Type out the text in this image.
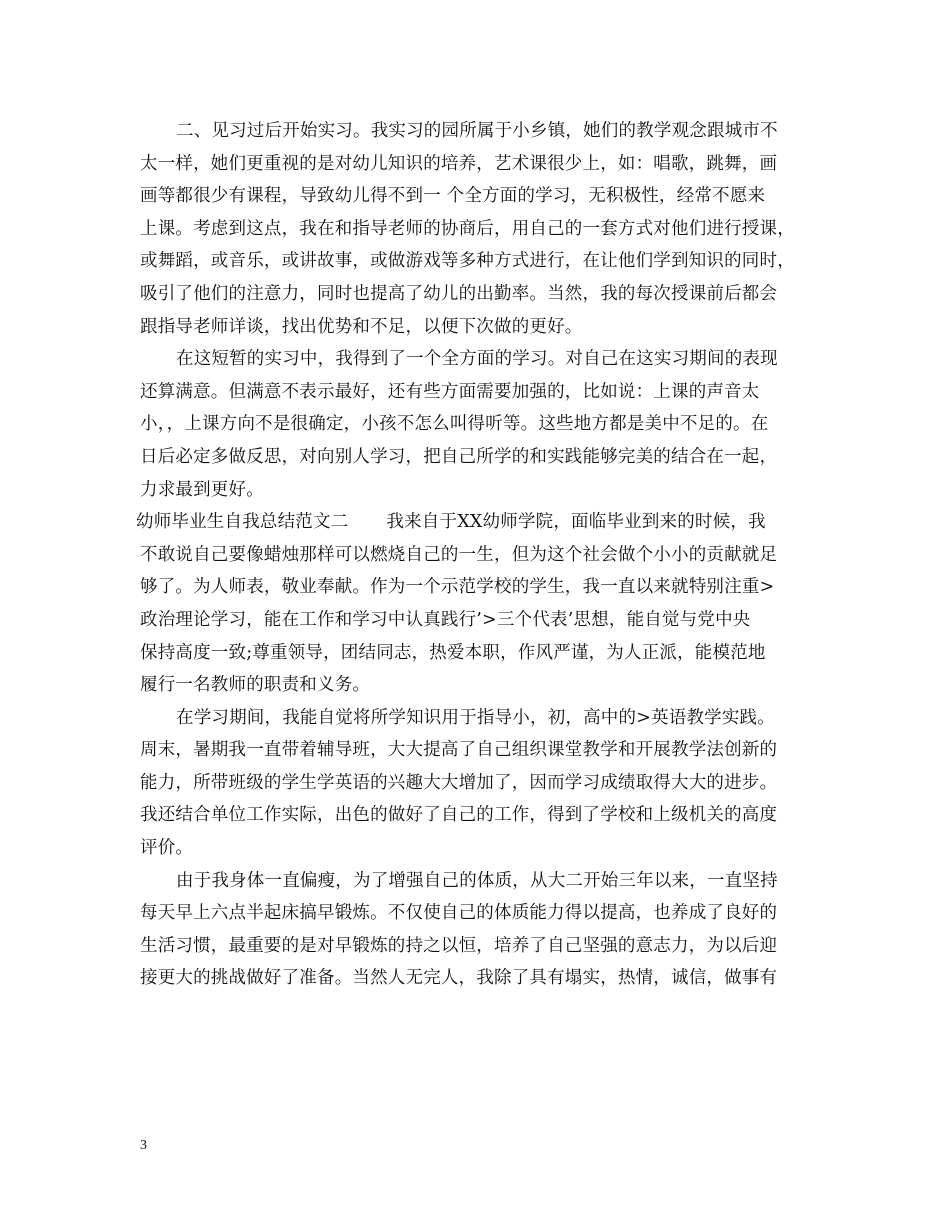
二、见习过后开始实习。我实习的园所属于小乡镇，她们的教学观念跟城市不
太一样，她们更重视的是对幼儿知识的培养，艺术课很少上，如：唱歌，跳舞，画
画等都很少有课程，导致幼儿得不到一 个全方面的学习，无积极性，经常不愿来
上课。考虑到这点，我在和指导老师的协商后，用自己的一套方式对他们进行授课，
或舞蹈，或音乐，或讲故事，或做游戏等多种方式进行，在让他们学到知识的同时，
吸引了他们的注意力，同时也提高了幼儿的出勤率。当然，我的每次授课前后都会
跟指导老师详谈，找出优势和不足，以便下次做的更好。
在这短暂的实习中，我得到了一个全方面的学习。对自己在这实习期间的表现
还算满意。但满意不表示最好，还有些方面需要加强的，比如说：上课的声音太
小，，上课方向不是很确定，小孩不怎么叫得听等。这些地方都是美中不足的。在
日后必定多做反思，对向别人学习，把自己所学的和实践能够完美的结合在一起，
力求最到更好。
幼师毕业生自我总结范文二 我来自于XX幼师学院，面临毕业到来的时候，我
不敢说自己要像蜡烛那样可以燃烧自己的一生，但为这个社会做个小小的贡献就足
够了。为人师表，敬业奉献。作为一个示范学校的学生，我一直以来就特别注重>
政治理论学习，能在工作和学习中认真践行’>三个代表’思想，能自觉与党中央
保持高度一致;尊重领导，团结同志，热爱本职，作风严谨，为人正派，能模范地
履行一名教师的职责和义务。
在学习期间，我能自觉将所学知识用于指导小，初，高中的>英语教学实践。
周末，暑期我一直带着辅导班，大大提高了自己组织课堂教学和开展教学法创新的
能力，所带班级的学生学英语的兴趣大大增加了，因而学习成绩取得大大的进步。
我还结合单位工作实际，出色的做好了自己的工作，得到了学校和上级机关的高度
评价。
由于我身体一直偏瘦，为了增强自己的体质，从大二开始三年以来，一直坚持
每天早上六点半起床搞早锻炼。不仅使自己的体质能力得以提高，也养成了良好的
生活习惯，最重要的是对早锻炼的持之以恒，培养了自己坚强的意志力，为以后迎
接更大的挑战做好了准备。当然人无完人，我除了具有塌实，热情，诚信，做事有
3
